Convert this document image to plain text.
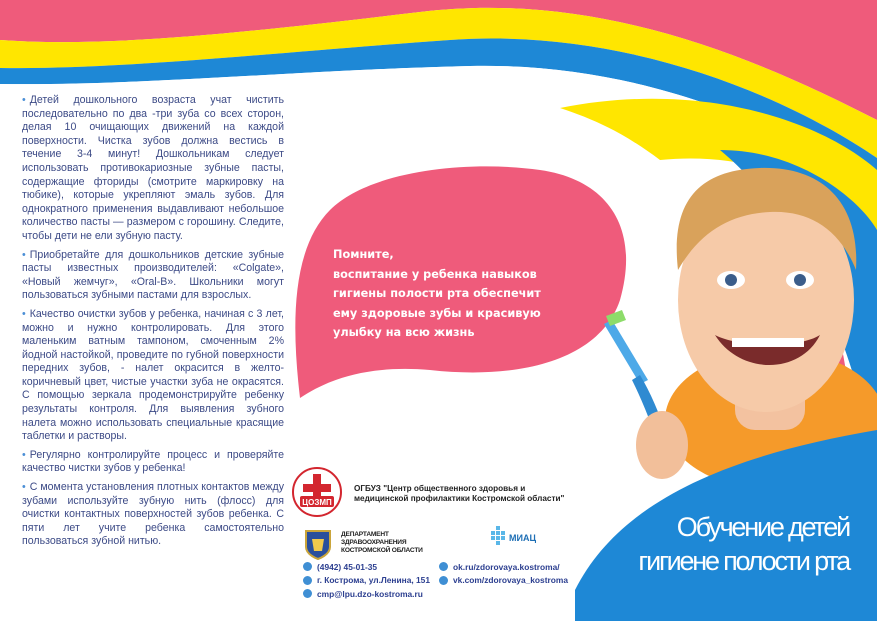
• Детей дошкольного возраста учат чистить последовательно по два -три зуба со всех сторон, делая 10 очищающих движений на каждой поверхности. Чистка зубов должна вестись в течение 3-4 минут! Дошкольникам следует использовать противокариозные зубные пасты, содержащие фториды (смотрите маркировку на тюбике), которые укрепляют эмаль зубов. Для однократного применения выдавливают небольшое количество пасты — размером с горошину. Следите, чтобы дети не ели зубную пасту.

• Приобретайте для дошкольников детские зубные пасты известных производителей: «Colgate», «Новый жемчуг», «Oral-B». Школьники могут пользоваться зубными пастами для взрослых.

• Качество очистки зубов у ребенка, начиная с 3 лет, можно и нужно контролировать. Для этого маленьким ватным тампоном, смоченным 2% йодной настойкой, проведите по губной поверхности передних зубов, - налет окрасится в желто-коричневый цвет, чистые участки зуба не окрасятся. С помощью зеркала продемонстрируйте ребенку результаты контроля. Для выявления зубного налета можно использовать специальные красящие таблетки и растворы.

• Регулярно контролируйте процесс и проверяйте качество чистки зубов у ребенка!

• С момента установления плотных контактов между зубами используйте зубную нить (флосс) для очистки контактных поверхностей зубов ребенка. С пяти лет учите ребенка самостоятельно пользоваться зубной нитью.

Помните,
воспитание у ребенка навыков
гигиены полости рта обеспечит
ему здоровые зубы и красивую
улыбку на всю жизнь
ЦОЗМП
ОГБУЗ "Центр общественного здоровья и
медицинской профилактики Костромской области"
ДЕПАРТАМЕНТ ЗДРАВООХРАНЕНИЯ
КОСТРОМСКОЙ ОБЛАСТИ
МИАЦ
(4942) 45-01-35
г. Кострома, ул.Ленина, 151
cmp@lpu.dzo-kostroma.ru
ok.ru/zdorovaya.kostroma/
vk.com/zdorovaya_kostroma
Обучение детей
гигиене полости рта
